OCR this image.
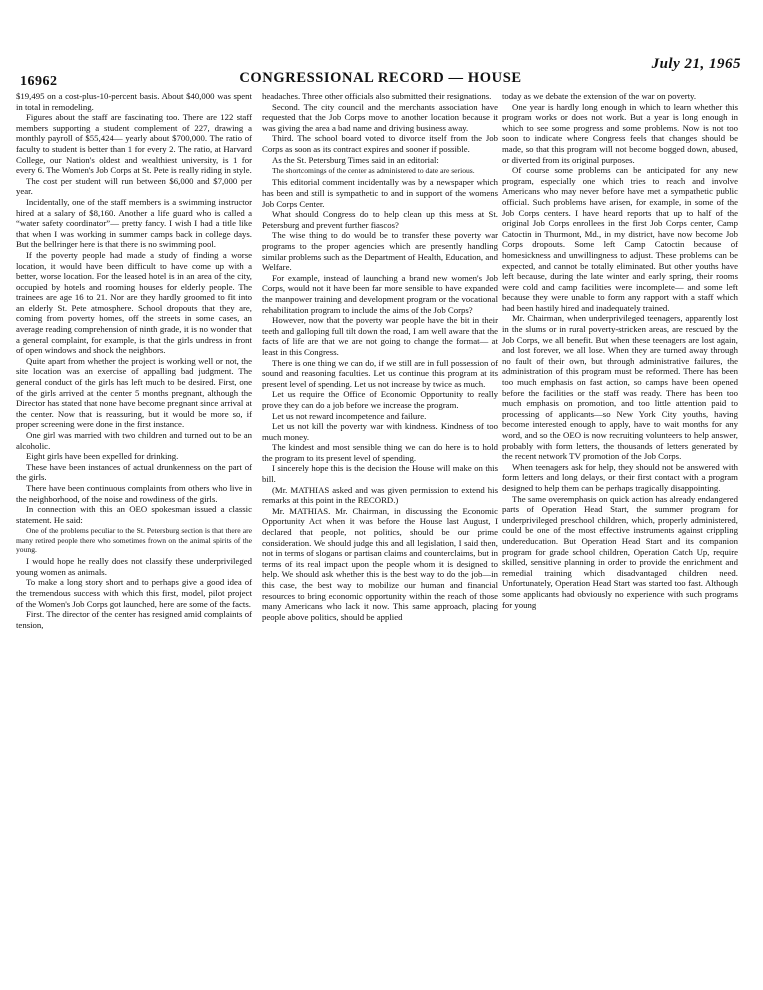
16962	CONGRESSIONAL RECORD — HOUSE
July 21, 1965

$19,495 on a cost-plus-10-percent basis. About $40,000 was spent in total in remodeling.

Figures about the staff are fascinating too. There are 122 staff members supporting a student complement of 227, drawing a monthly payroll of $55,424— yearly about $700,000. The ratio of faculty to student is better than 1 for every 2. The ratio, at Harvard College, our Nation's oldest and wealthiest university, is 1 for every 6. The Women's Job Corps at St. Pete is really riding in style.

The cost per student will run between $6,000 and $7,000 per year.

Incidentally, one of the staff members is a swimming instructor hired at a salary of $8,160. Another a life guard who is called a “water safety coordinator”— pretty fancy. I wish I had a title like that when I was working in summer camps back in college days. But the bellringer here is that there is no swimming pool.

If the poverty people had made a study of finding a worse location, it would have been difficult to have come up with a better, worse location. For the leased hotel is in an area of the city, occupied by hotels and rooming houses for elderly people. The trainees are age 16 to 21. Nor are they hardly groomed to fit into an elderly St. Pete atmosphere. School dropouts that they are, coming from poverty homes, off the streets in some cases, an average reading comprehension of ninth grade, it is no wonder that a general complaint, for example, is that the girls undress in front of open windows and shock the neighbors.

Quite apart from whether the project is working well or not, the site location was an exercise of appalling bad judgment. The general conduct of the girls has left much to be desired. First, one of the girls arrived at the center 5 months pregnant, although the Director has stated that none have become pregnant since arrival at the center. Now that is reassuring, but it would be more so, if proper screening were done in the first instance.

One girl was married with two children and turned out to be an alcoholic.

Eight girls have been expelled for drinking.

These have been instances of actual drunkenness on the part of the girls.

There have been continuous complaints from others who live in the neighborhood, of the noise and rowdiness of the girls.

In connection with this an OEO spokesman issued a classic statement. He said:

One of the problems peculiar to the St. Petersburg section is that there are many retired people there who sometimes frown on the animal spirits of the young.

I would hope he really does not classify these underprivileged young women as animals.

To make a long story short and to perhaps give a good idea of the tremendous success with which this first, model, pilot project of the Women's Job Corps got launched, here are some of the facts.

First. The director of the center has resigned amid complaints of tension,

headaches. Three other officials also submitted their resignations.

Second. The city council and the merchants association have requested that the Job Corps move to another location because it was giving the area a bad name and driving business away.

Third. The school board voted to divorce itself from the Job Corps as soon as its contract expires and sooner if possible.

As the St. Petersburg Times said in an editorial:

The shortcomings of the center as administered to date are serious.

This editorial comment incidentally was by a newspaper which has been and still is sympathetic to and in support of the womens Job Corps Center.

What should Congress do to help clean up this mess at St. Petersburg and prevent further fiascos?

The wise thing to do would be to transfer these poverty war programs to the proper agencies which are presently handling similar problems such as the Department of Health, Education, and Welfare.

For example, instead of launching a brand new women's Job Corps, would not it have been far more sensible to have expanded the manpower training and development program or the vocational rehabilitation program to include the aims of the Job Corps?

However, now that the poverty war people have the bit in their teeth and galloping full tilt down the road, I am well aware that the facts of life are that we are not going to change the format— at least in this Congress.

There is one thing we can do, if we still are in full possession of sound and reasoning faculties. Let us continue this program at its present level of spending. Let us not increase by twice as much.

Let us require the Office of Economic Opportunity to really prove they can do a job before we increase the program.

Let us not reward incompetence and failure.

Let us not kill the poverty war with kindness. Kindness of too much money.

The kindest and most sensible thing we can do here is to hold the program to its present level of spending.

I sincerely hope this is the decision the House will make on this bill.

(Mr. MATHIAS asked and was given permission to extend his remarks at this point in the RECORD.)

Mr. MATHIAS. Mr. Chairman, in discussing the Economic Opportunity Act when it was before the House last August, I declared that people, not politics, should be our prime consideration. We should judge this and all legislation, I said then, not in terms of slogans or partisan claims and counterclaims, but in terms of its real impact upon the people whom it is designed to help. We should ask whether this is the best way to do the job—in this case, the best way to mobilize our human and financial resources to bring economic opportunity within the reach of those many Americans who lack it now. This same approach, placing people above politics, should be applied

today as we debate the extension of the war on poverty.

One year is hardly long enough in which to learn whether this program works or does not work. But a year is long enough in which to see some progress and some problems. Now is not too soon to indicate where Congress feels that changes should be made, so that this program will not become bogged down, abused, or diverted from its original purposes.

Of course some problems can be anticipated for any new program, especially one which tries to reach and involve Americans who may never before have met a sympathetic public official. Such problems have arisen, for example, in some of the Job Corps centers. I have heard reports that up to half of the original Job Corps enrollees in the first Job Corps center, Camp Catoctin in Thurmont, Md., in my district, have now become Job Corps dropouts. Some left Camp Catoctin because of homesickness and unwillingness to adjust. These problems can be expected, and cannot be totally eliminated. But other youths have left because, during the late winter and early spring, their rooms were cold and camp facilities were incomplete— and some left because they were unable to form any rapport with a staff which had been hastily hired and inadequately trained.

Mr. Chairman, when underprivileged teenagers, apparently lost in the slums or in rural poverty-stricken areas, are rescued by the Job Corps, we all benefit. But when these teenagers are lost again, and lost forever, we all lose. When they are turned away through no fault of their own, but through administrative failures, the administration of this program must be reformed. There has been too much emphasis on fast action, so camps have been opened before the facilities or the staff was ready. There has been too much emphasis on promotion, and too little attention paid to processing of applicants—so New York City youths, having become interested enough to apply, have to wait months for any word, and so the OEO is now recruiting volunteers to help answer, probably with form letters, the thousands of letters generated by the recent network TV promotion of the Job Corps.

When teenagers ask for help, they should not be answered with form letters and long delays, or their first contact with a program designed to help them can be perhaps tragically disappointing.

The same overemphasis on quick action has already endangered parts of Operation Head Start, the summer program for underprivileged preschool children, which, properly administered, could be one of the most effective instruments against crippling undereducation. But Operation Head Start and its companion program for grade school children, Operation Catch Up, require skilled, sensitive planning in order to provide the enrichment and remedial training which disadvantaged children need. Unfortunately, Operation Head Start was started too fast. Although some applicants had obviously no experience with such programs for young
